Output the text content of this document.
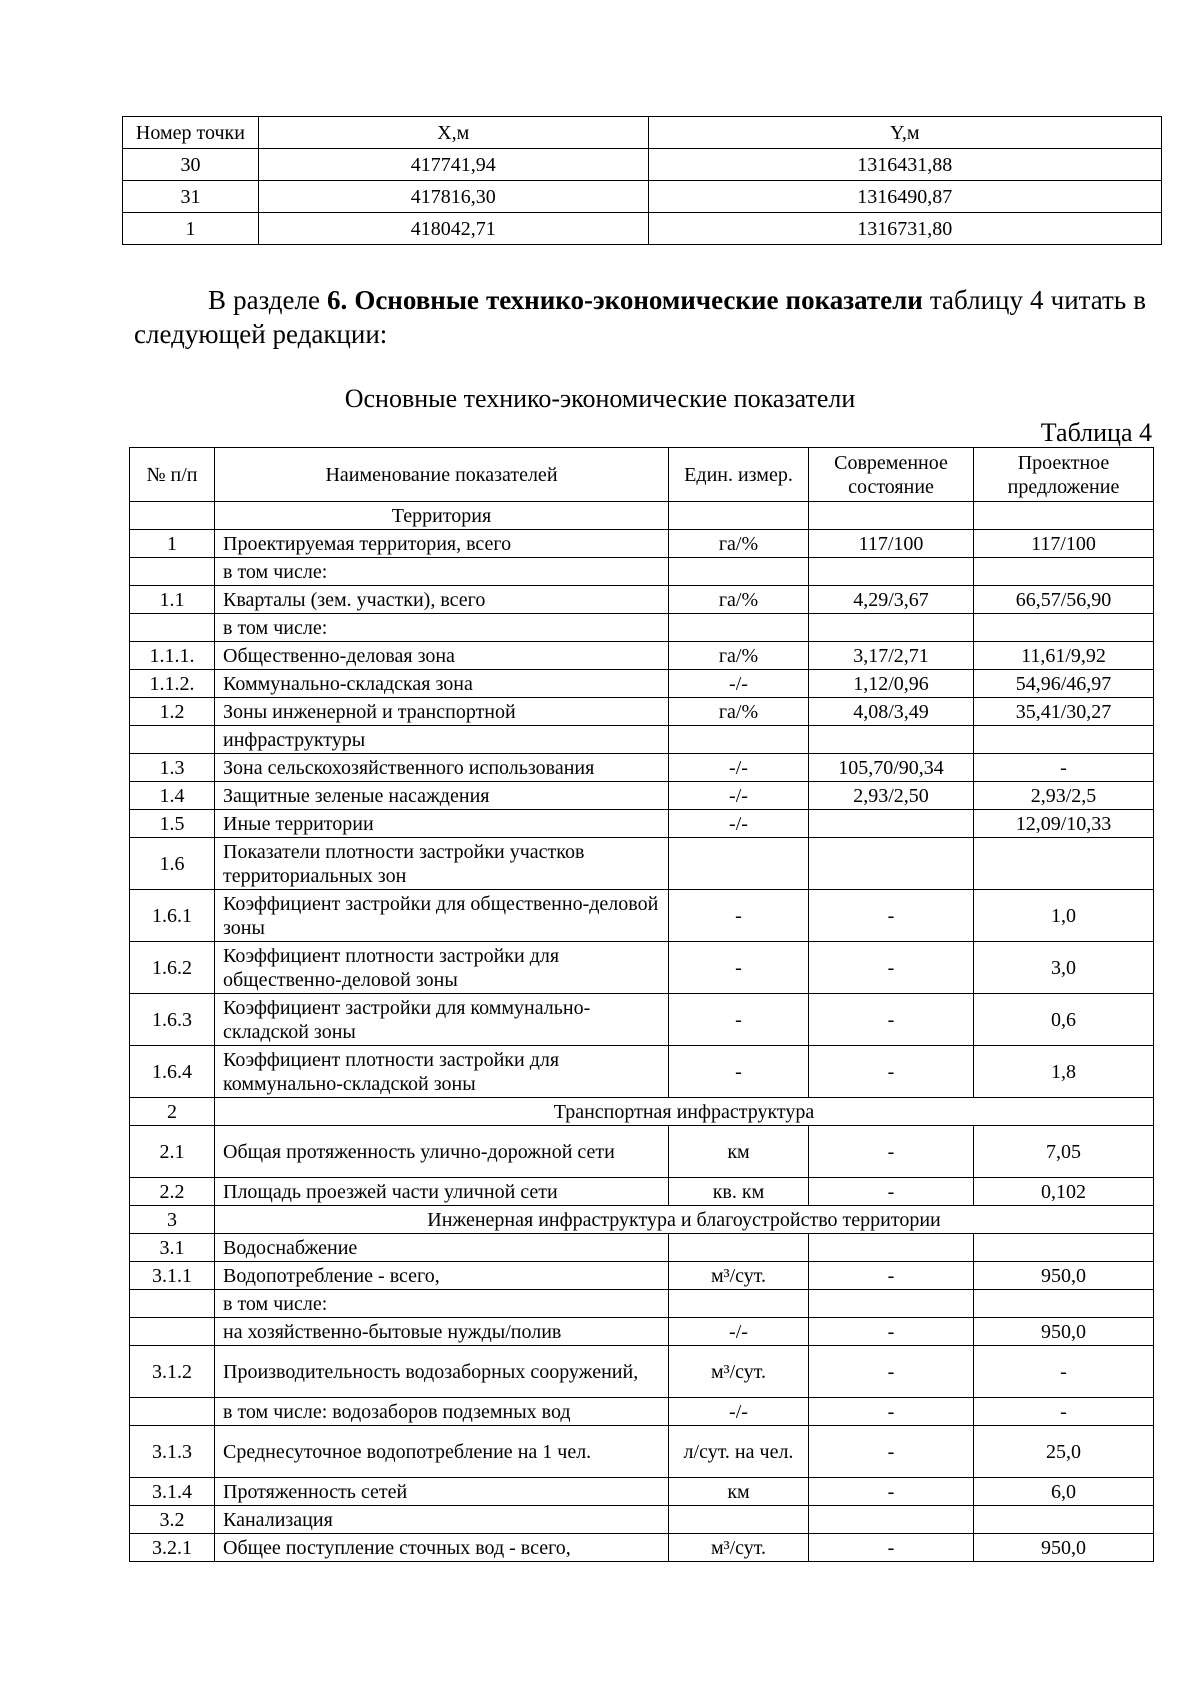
Номер точки	X,м	Y,м
30	417741,94	1316431,88
31	417816,30	1316490,87
1	418042,71	1316731,80

В разделе 6. Основные технико-экономические показатели таблицу 4 читать в следующей редакции:

Основные технико-экономические показатели

Таблица 4

№ п/п	Наименование показателей	Един. измер.	Современное состояние	Проектное предложение
	Территория			
1	Проектируемая территория, всего	га/%	117/100	117/100
	в том числе:			
1.1	Кварталы (зем. участки), всего	га/%	4,29/3,67	66,57/56,90
	в том числе:			
1.1.1.	Общественно-деловая зона	га/%	3,17/2,71	11,61/9,92
1.1.2.	Коммунально-складская зона	-/-	1,12/0,96	54,96/46,97
1.2	Зоны инженерной и транспортной	га/%	4,08/3,49	35,41/30,27
	инфраструктуры			
1.3	Зона сельскохозяйственного использования	-/-	105,70/90,34	-
1.4	Защитные зеленые насаждения	-/-	2,93/2,50	2,93/2,5
1.5	Иные территории	-/-		12,09/10,33
1.6	Показатели плотности застройки участков территориальных зон			
1.6.1	Коэффициент застройки для общественно-деловой зоны	-	-	1,0
1.6.2	Коэффициент плотности застройки для общественно-деловой зоны	-	-	3,0
1.6.3	Коэффициент застройки для коммунально-складской зоны	-	-	0,6
1.6.4	Коэффициент плотности застройки для коммунально-складской зоны	-	-	1,8
2	Транспортная инфраструктура			
2.1	Общая протяженность улично-дорожной сети	км	-	7,05
2.2	Площадь проезжей части уличной сети	кв. км	-	0,102
3	Инженерная инфраструктура и благоустройство территории			
3.1	Водоснабжение			
3.1.1	Водопотребление - всего,	м³/сут.	-	950,0
	в том числе:			
	на хозяйственно-бытовые нужды/полив	-/-	-	950,0
3.1.2	Производительность водозаборных сооружений,	м³/сут.	-	-
	в том числе: водозаборов подземных вод	-/-	-	-
3.1.3	Среднесуточное водопотребление на 1 чел.	л/сут. на чел.	-	25,0
3.1.4	Протяженность сетей	км	-	6,0
3.2	Канализация			
3.2.1	Общее поступление сточных вод - всего,	м³/сут.	-	950,0
